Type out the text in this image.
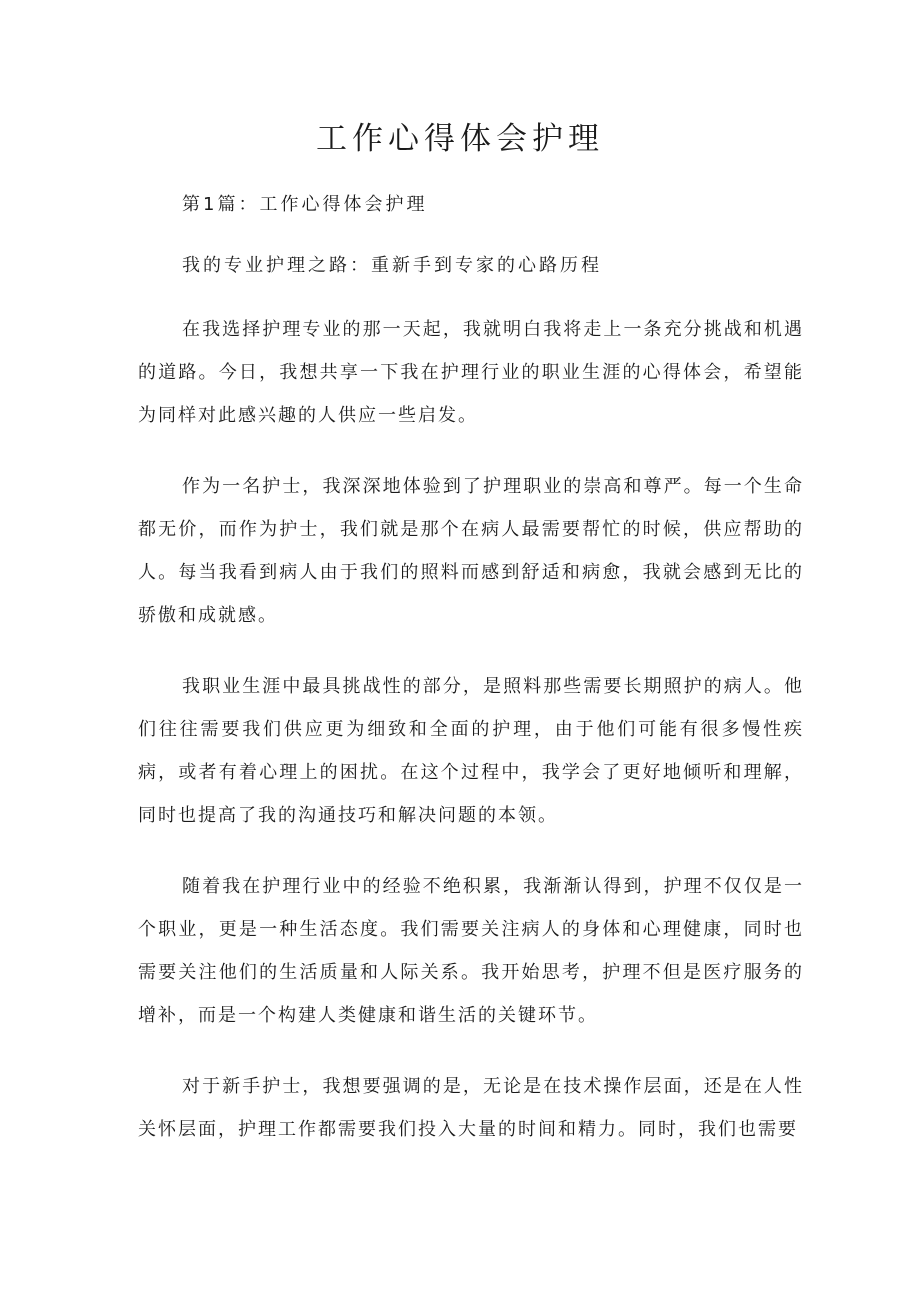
工作心得体会护理

第1篇：工作心得体会护理

我的专业护理之路：重新手到专家的心路历程

在我选择护理专业的那一天起，我就明白我将走上一条充分挑战和机遇的道路。今日，我想共享一下我在护理行业的职业生涯的心得体会，希望能为同样对此感兴趣的人供应一些启发。

作为一名护士，我深深地体验到了护理职业的崇高和尊严。每一个生命都无价，而作为护士，我们就是那个在病人最需要帮忙的时候，供应帮助的人。每当我看到病人由于我们的照料而感到舒适和病愈，我就会感到无比的骄傲和成就感。

我职业生涯中最具挑战性的部分，是照料那些需要长期照护的病人。他们往往需要我们供应更为细致和全面的护理，由于他们可能有很多慢性疾病，或者有着心理上的困扰。在这个过程中，我学会了更好地倾听和理解，同时也提高了我的沟通技巧和解决问题的本领。

随着我在护理行业中的经验不绝积累，我渐渐认得到，护理不仅仅是一个职业，更是一种生活态度。我们需要关注病人的身体和心理健康，同时也需要关注他们的生活质量和人际关系。我开始思考，护理不但是医疗服务的增补，而是一个构建人类健康和谐生活的关键环节。

对于新手护士，我想要强调的是，无论是在技术操作层面，还是在人性关怀层面，护理工作都需要我们投入大量的时间和精力。同时，我们也需要
